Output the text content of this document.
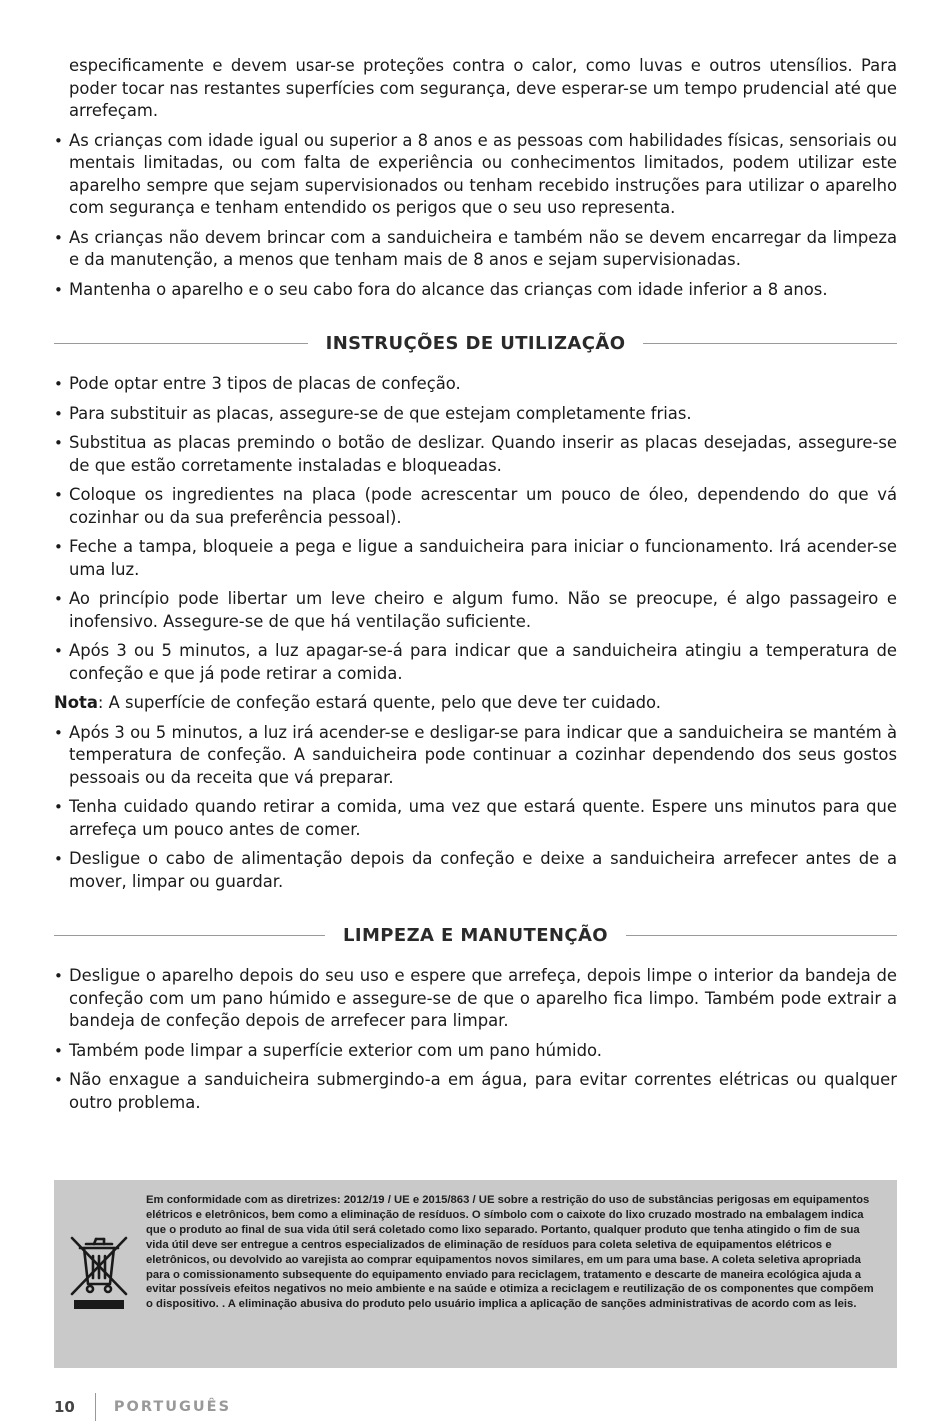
especificamente e devem usar-se proteções contra o calor, como luvas e outros utensílios. Para poder tocar nas restantes superfícies com segurança, deve esperar-se um tempo prudencial até que arrefeçam.

• As crianças com idade igual ou superior a 8 anos e as pessoas com habilidades físicas, sensoriais ou mentais limitadas, ou com falta de experiência ou conhecimentos limitados, podem utilizar este aparelho sempre que sejam supervisionados ou tenham recebido instruções para utilizar o aparelho com segurança e tenham entendido os perigos que o seu uso representa.
• As crianças não devem brincar com a sanduicheira e também não se devem encarregar da limpeza e da manutenção, a menos que tenham mais de 8 anos e sejam supervisionadas.
• Mantenha o aparelho e o seu cabo fora do alcance das crianças com idade inferior a 8 anos.
INSTRUÇÕES DE UTILIZAÇÃO
• Pode optar entre 3 tipos de placas de confeção.
• Para substituir as placas, assegure-se de que estejam completamente frias.
• Substitua as placas premindo o botão de deslizar. Quando inserir as placas desejadas, assegure-se de que estão corretamente instaladas e bloqueadas.
• Coloque os ingredientes na placa (pode acrescentar um pouco de óleo, dependendo do que vá cozinhar ou da sua preferência pessoal).
• Feche a tampa, bloqueie a pega e ligue a sanduicheira para iniciar o funcionamento. Irá acender-se uma luz.
• Ao princípio pode libertar um leve cheiro e algum fumo. Não se preocupe, é algo passageiro e inofensivo. Assegure-se de que há ventilação suficiente.
• Após 3 ou 5 minutos, a luz apagar-se-á para indicar que a sanduicheira atingiu a temperatura de confeção e que já pode retirar a comida.

Nota: A superfície de confeção estará quente, pelo que deve ter cuidado.

• Após 3 ou 5 minutos, a luz irá acender-se e desligar-se para indicar que a sanduicheira se mantém à temperatura de confeção. A sanduicheira pode continuar a cozinhar dependendo dos seus gostos pessoais ou da receita que vá preparar.
• Tenha cuidado quando retirar a comida, uma vez que estará quente. Espere uns minutos para que arrefeça um pouco antes de comer.
• Desligue o cabo de alimentação depois da confeção e deixe a sanduicheira arrefecer antes de a mover, limpar ou guardar.
LIMPEZA E MANUTENÇÃO
• Desligue o aparelho depois do seu uso e espere que arrefeça, depois limpe o interior da bandeja de confeção com um pano húmido e assegure-se de que o aparelho fica limpo. Também pode extrair a bandeja de confeção depois de arrefecer para limpar.
• Também pode limpar a superfície exterior com um pano húmido.
• Não enxague a sanduicheira submergindo-a em água, para evitar correntes elétricas ou qualquer outro problema.
Em conformidade com as diretrizes: 2012/19 / UE e 2015/863 / UE sobre a restrição do uso de substâncias perigosas em equipamentos elétricos e eletrônicos, bem como a eliminação de resíduos. O símbolo com o caixote do lixo cruzado mostrado na embalagem indica que o produto ao final de sua vida útil será coletado como lixo separado. Portanto, qualquer produto que tenha atingido o fim de sua vida útil deve ser entregue a centros especializados de eliminação de resíduos para coleta seletiva de equipamentos elétricos e eletrônicos, ou devolvido ao varejista ao comprar equipamentos novos similares, em um para uma base. A coleta seletiva apropriada para o comissionamento subsequente do equipamento enviado para reciclagem, tratamento e descarte de maneira ecológica ajuda a evitar possíveis efeitos negativos no meio ambiente e na saúde e otimiza a reciclagem e reutilização de os componentes que compõem o dispositivo. . A eliminação abusiva do produto pelo usuário implica a aplicação de sanções administrativas de acordo com as leis.
10	PORTUGUÊS
